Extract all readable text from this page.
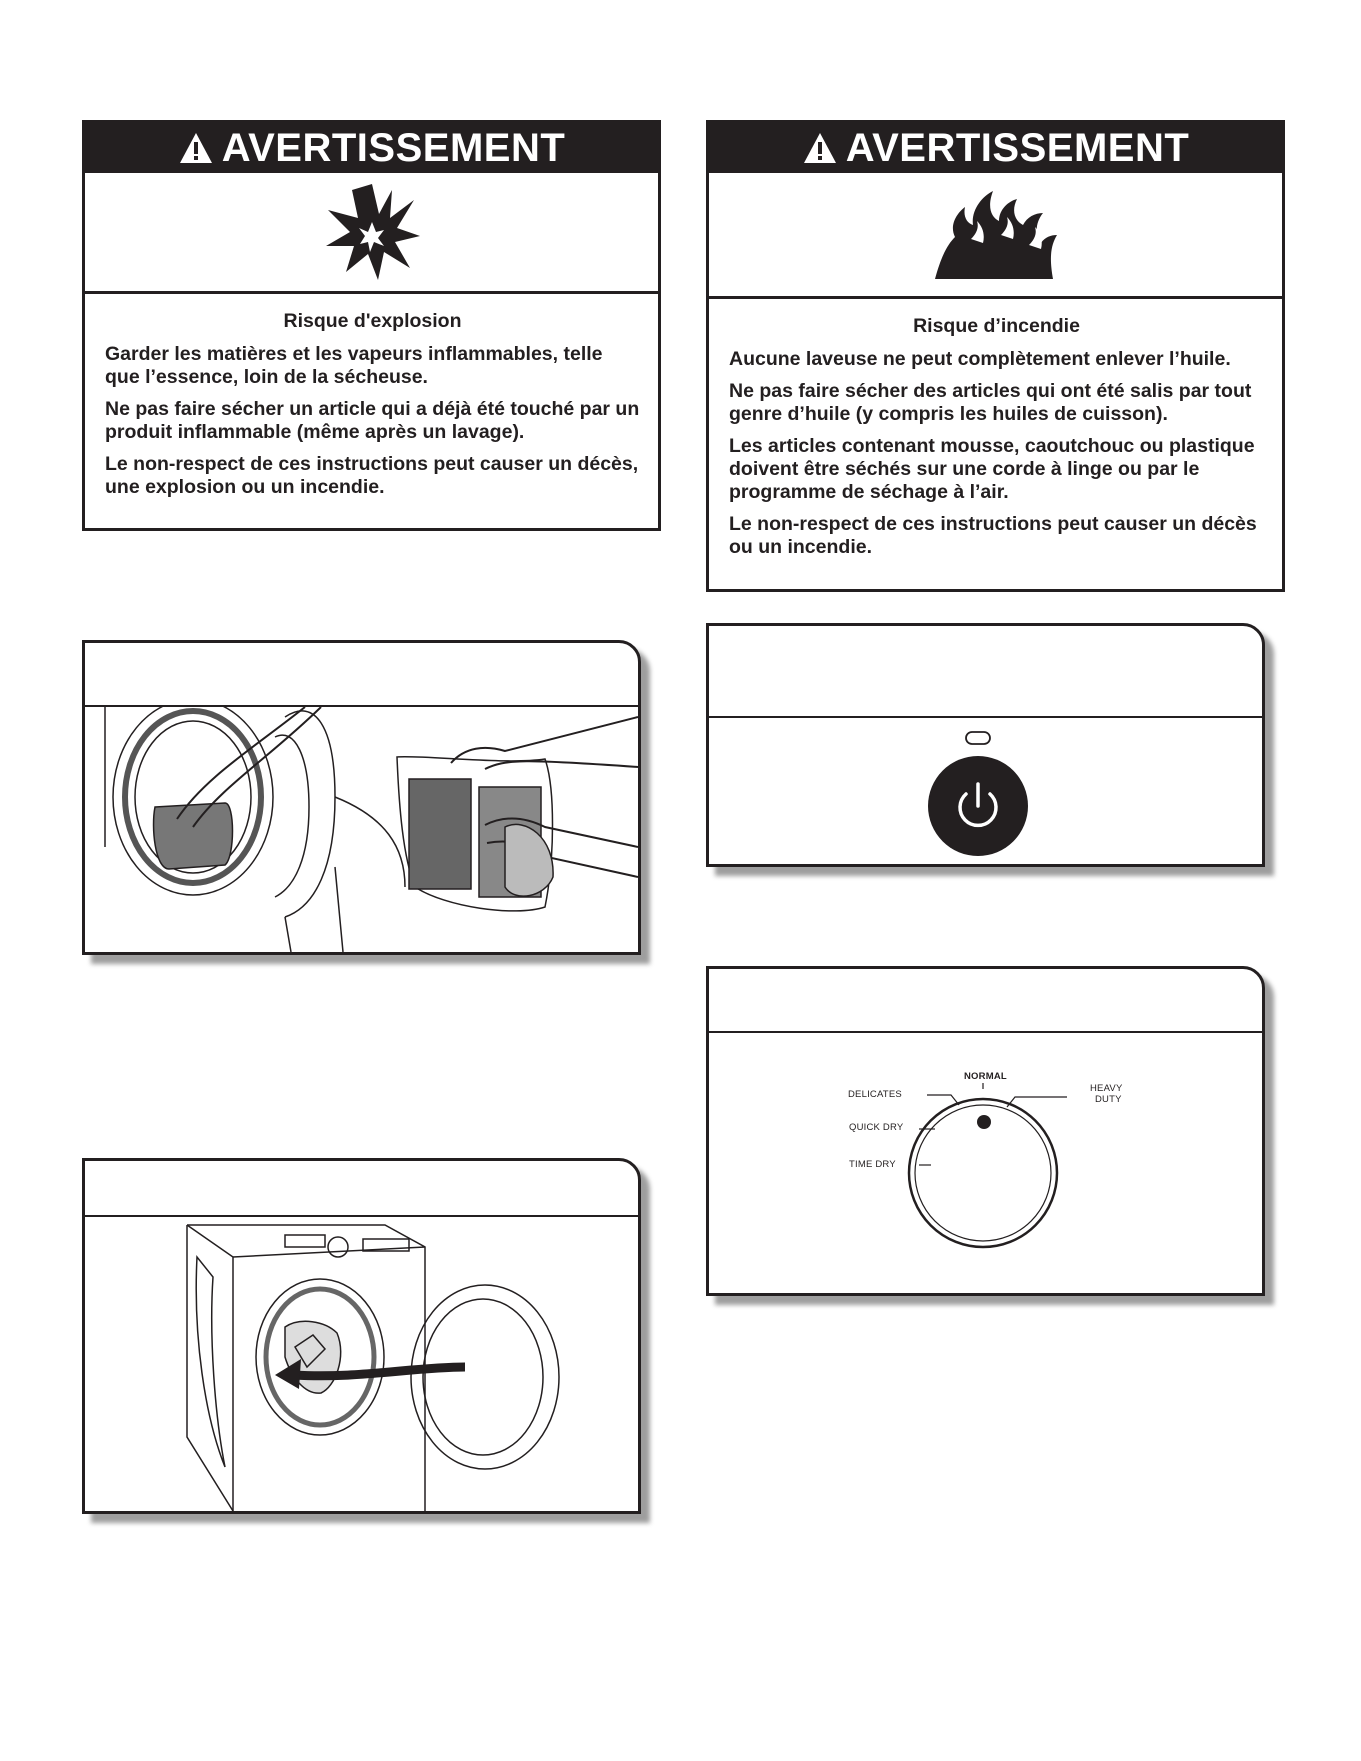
AVERTISSEMENT

Risque d'explosion

Garder les matières et les vapeurs inflammables, telle que l’essence, loin de la sécheuse.

Ne pas faire sécher un article qui a déjà été touché par un produit inflammable (même après un lavage).

Le non-respect de ces instructions peut causer un décès, une explosion ou un incendie.

AVERTISSEMENT

Risque d’incendie

Aucune laveuse ne peut complètement enlever l’huile.

Ne pas faire sécher des articles qui ont été salis par tout genre d’huile (y compris les huiles de cuisson).

Les articles contenant mousse, caoutchouc ou plastique doivent être séchés sur une corde à linge ou par le programme de séchage à l’air.

Le non-respect de ces instructions peut causer un décès ou un incendie.

NORMAL
DELICATES
QUICK DRY
TIME DRY
HEAVY
DUTY
